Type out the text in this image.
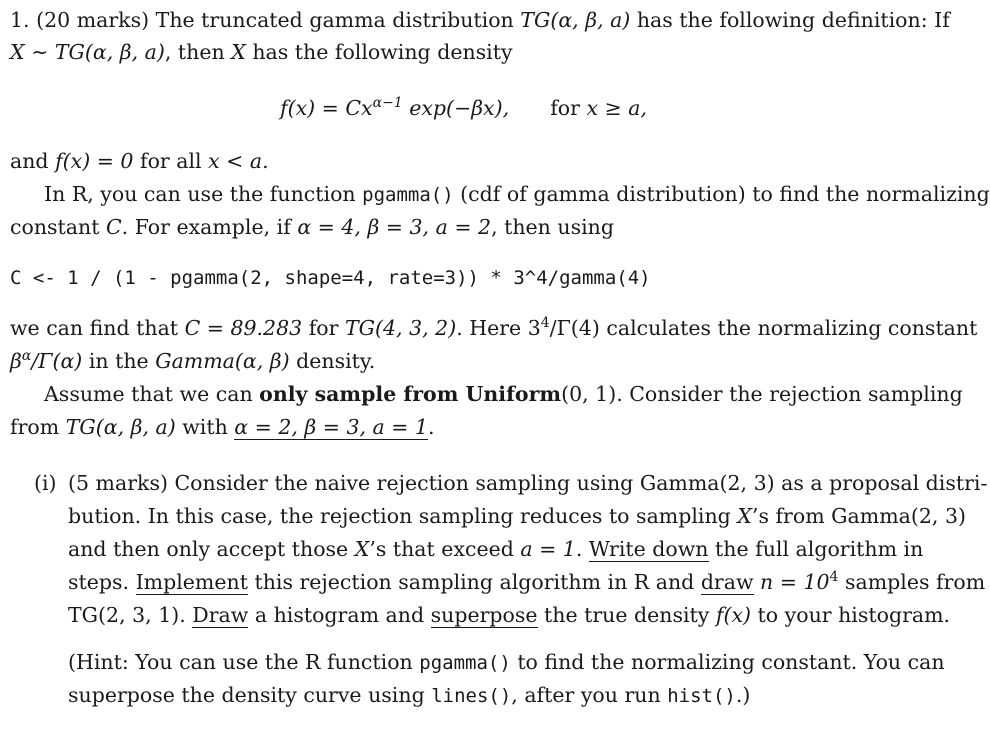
1. (20 marks) The truncated gamma distribution TG(α, β, a) has the following definition: If
X ∼ TG(α, β, a), then X has the following density
$f(x) = Cx^{\alpha-1}$ exp(−βx), for x ≥ a,
and f(x) = 0 for all x < a.
In R, you can use the function pgamma() (cdf of gamma distribution) to find the normalizing
constant C. For example, if α = 4, β = 3, a = 2, then using
C <- 1 / (1 - pgamma(2, shape=4, rate=3)) * 3^4/gamma(4)
we can find that C = 89.283 for TG(4, 3, 2). Here $3^4/\Gamma(4)$ calculates the normalizing constant
$\beta^\alpha/\Gamma(\alpha)$ in the Gamma(α, β) density.
Assume that we can only sample from Uniform(0, 1). Consider the rejection sampling
from TG(α, β, a) with α = 2, β = 3, a = 1.
(i) (5 marks) Consider the naive rejection sampling using Gamma(2, 3) as a proposal distri-
bution. In this case, the rejection sampling reduces to sampling X’s from Gamma(2, 3)
and then only accept those X’s that exceed a = 1. Write down the full algorithm in
steps. Implement this rejection sampling algorithm in R and draw $n = 10^4$ samples from
TG(2, 3, 1). Draw a histogram and superpose the true density f(x) to your histogram.
(Hint: You can use the R function pgamma() to find the normalizing constant. You can
superpose the density curve using lines(), after you run hist().)
